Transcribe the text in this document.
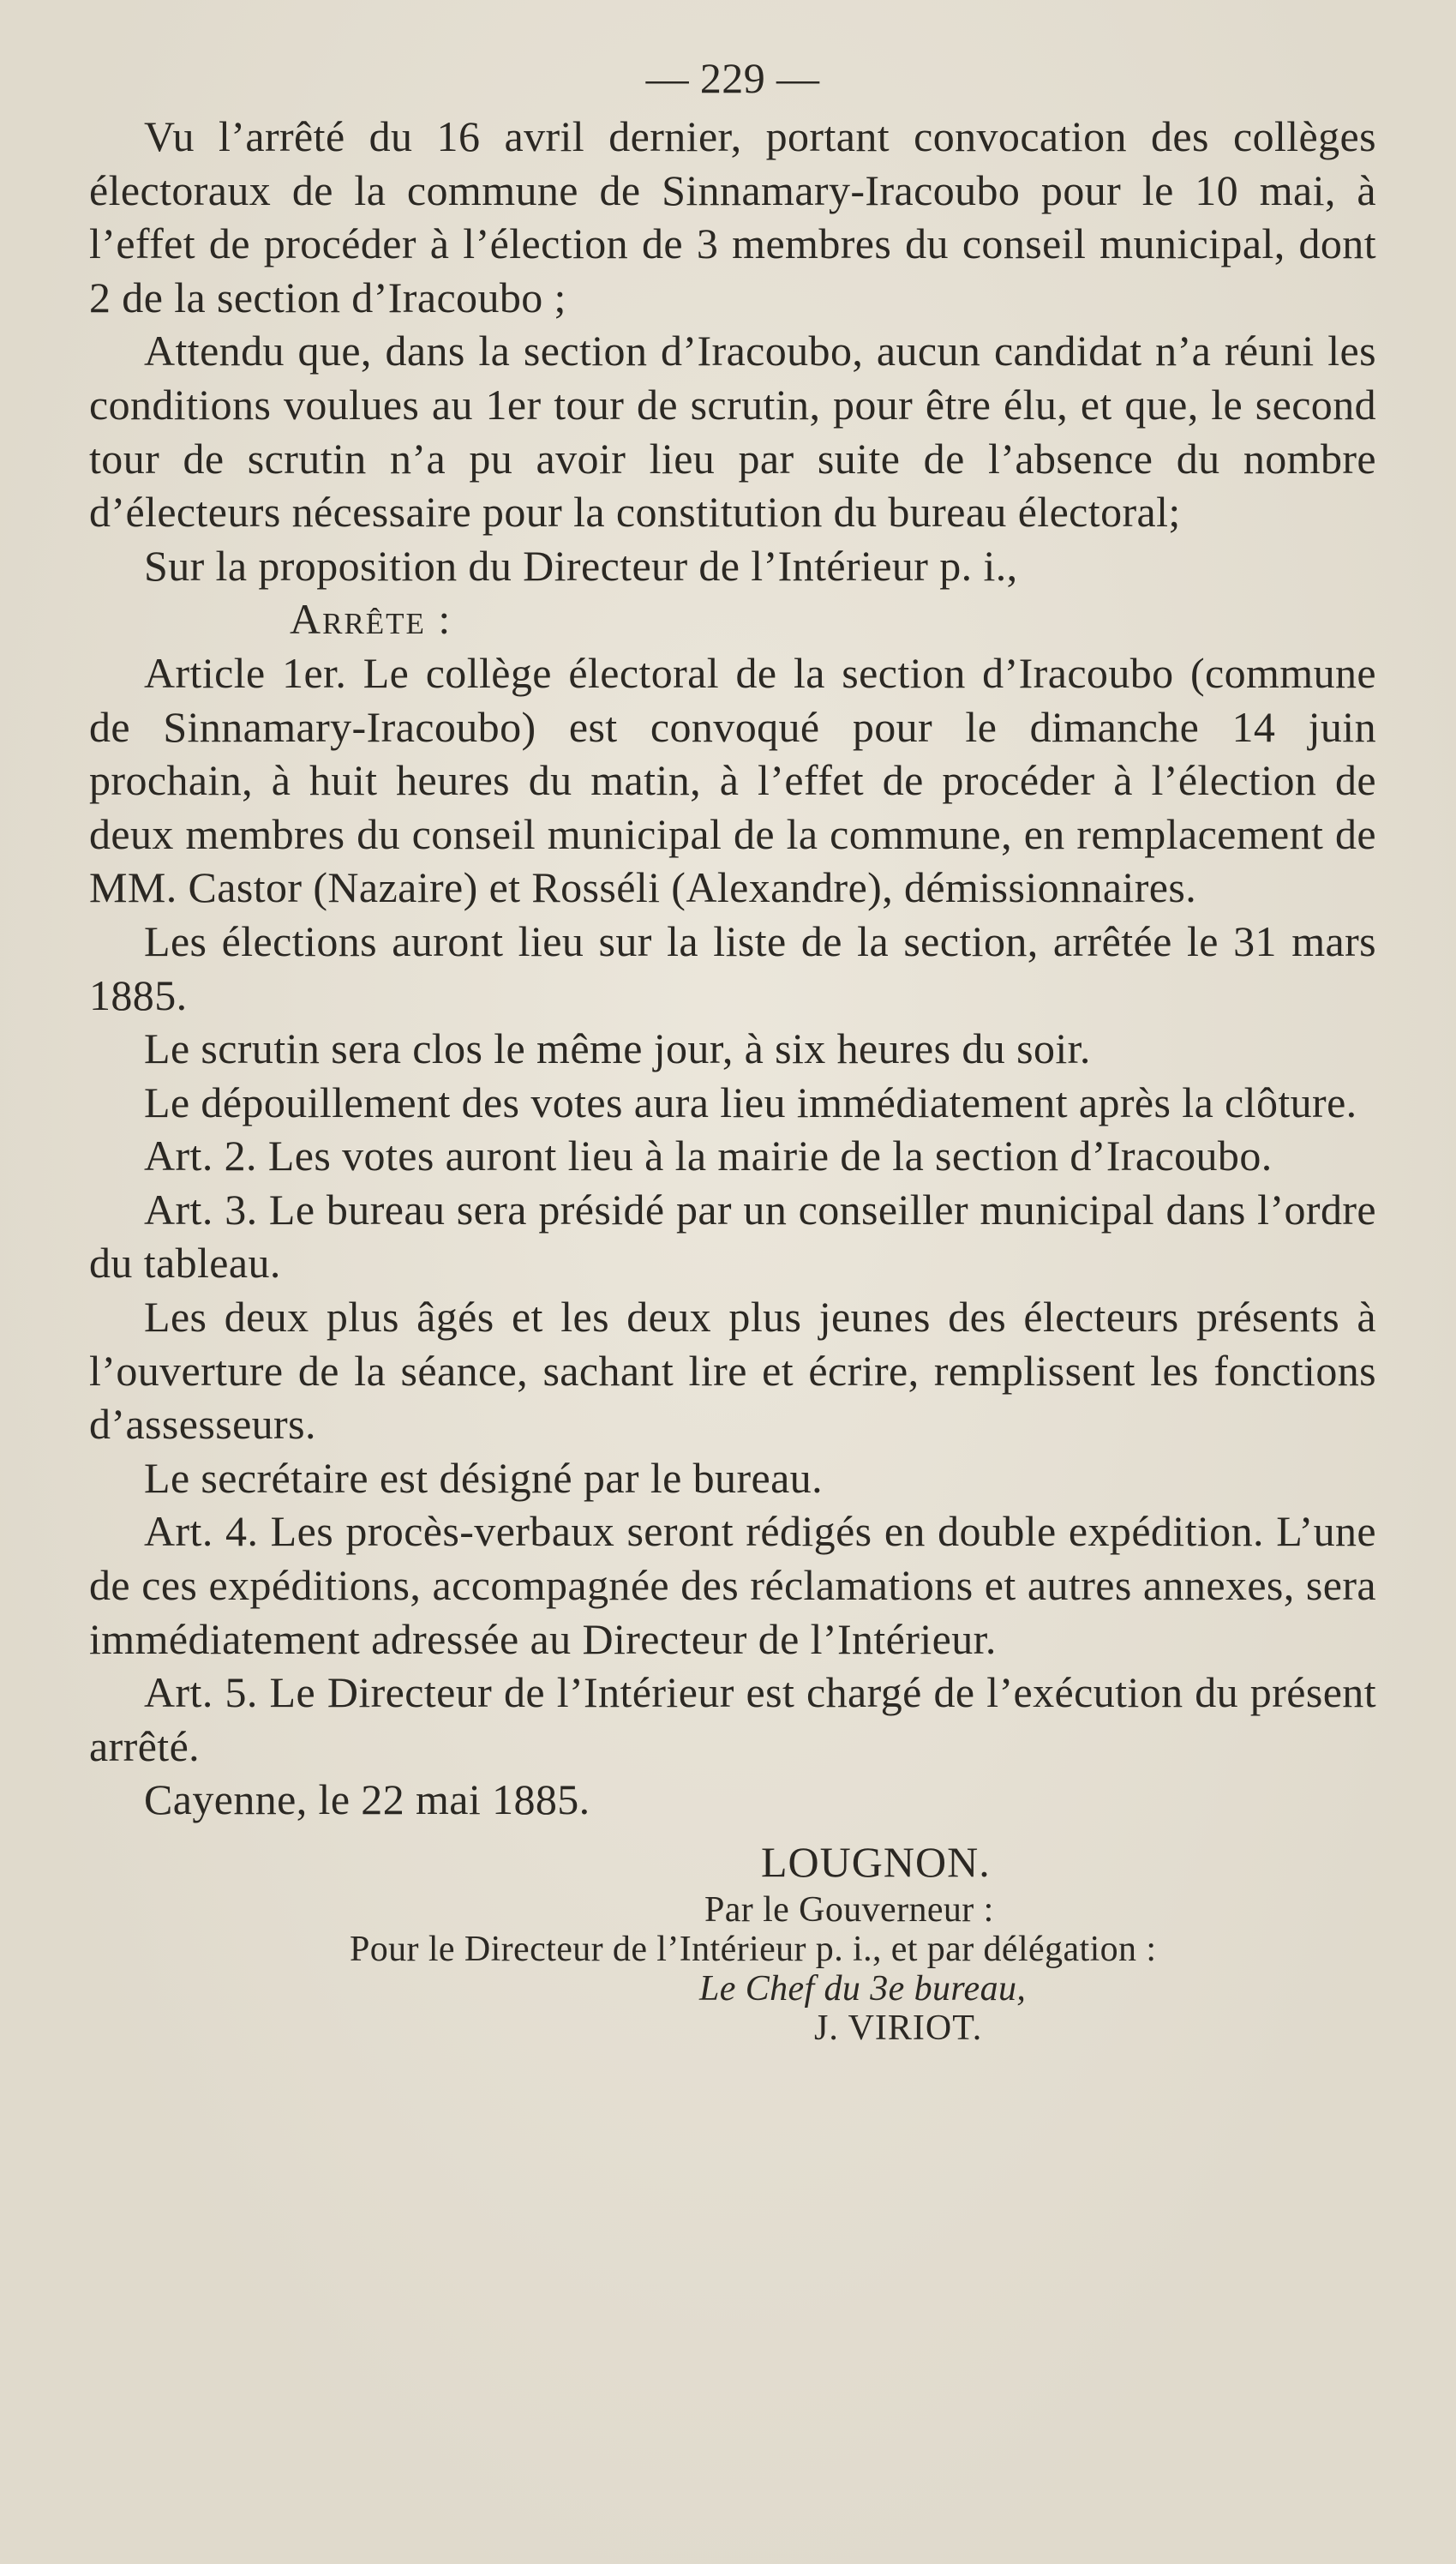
— 229 —

Vu l’arrêté du 16 avril dernier, portant convocation des collèges électoraux de la commune de Sinnamary-Iracoubo pour le 10 mai, à l’effet de procéder à l’élection de 3 membres du conseil municipal, dont 2 de la section d’Iracoubo ;

Attendu que, dans la section d’Iracoubo, aucun candidat n’a réuni les conditions voulues au 1er tour de scrutin, pour être élu, et que, le second tour de scrutin n’a pu avoir lieu par suite de l’absence du nombre d’électeurs nécessaire pour la constitution du bureau électoral;

Sur la proposition du Directeur de l’Intérieur p. i.,

Arrête :

Article 1er. Le collège électoral de la section d’Iracoubo (commune de Sinnamary-Iracoubo) est convoqué pour le dimanche 14 juin prochain, à huit heures du matin, à l’effet de procéder à l’élection de deux membres du conseil municipal de la commune, en remplacement de MM. Castor (Nazaire) et Rosséli (Alexandre), démissionnaires.

Les élections auront lieu sur la liste de la section, arrêtée le 31 mars 1885.

Le scrutin sera clos le même jour, à six heures du soir.

Le dépouillement des votes aura lieu immédiatement après la clôture.

Art. 2. Les votes auront lieu à la mairie de la section d’Iracoubo.

Art. 3. Le bureau sera présidé par un conseiller municipal dans l’ordre du tableau.

Les deux plus âgés et les deux plus jeunes des électeurs présents à l’ouverture de la séance, sachant lire et écrire, remplissent les fonctions d’assesseurs.

Le secrétaire est désigné par le bureau.

Art. 4. Les procès-verbaux seront rédigés en double expédition. L’une de ces expéditions, accompagnée des réclamations et autres annexes, sera immédiatement adressée au Directeur de l’Intérieur.

Art. 5. Le Directeur de l’Intérieur est chargé de l’exécution du présent arrêté.

Cayenne, le 22 mai 1885.

LOUGNON.

Par le Gouverneur :

Pour le Directeur de l’Intérieur p. i., et par délégation :

Le Chef du 3e bureau,

J. VIRIOT.
